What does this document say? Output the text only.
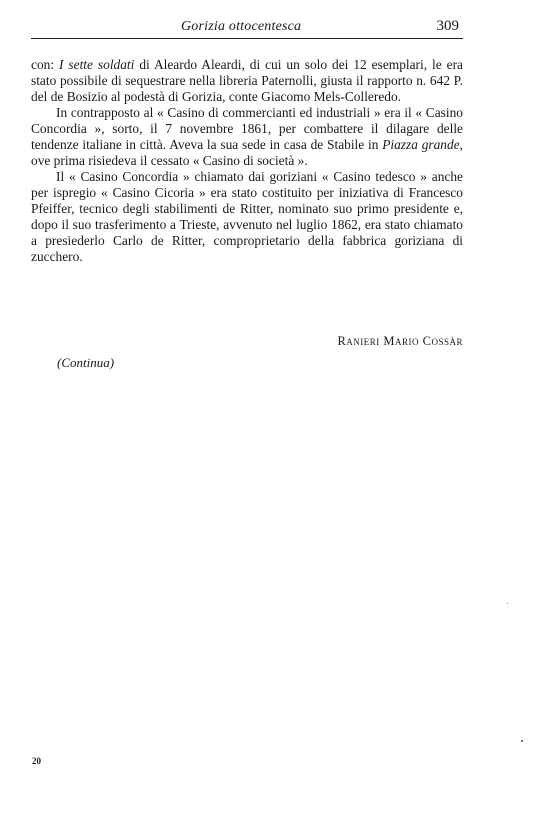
Gorizia ottocentesca	309

con: I sette soldati di Aleardo Aleardi, di cui un solo dei 12 esemplari, le era stato possibile di sequestrare nella libreria Paternolli, giusta il rapporto n. 642 P. del de Bosizio al podestà di Gorizia, conte Giacomo Mels-Colleredo.

In contrapposto al « Casino di commercianti ed industriali » era il « Casino Concordia », sorto, il 7 novembre 1861, per combattere il dilagare delle tendenze italiane in città. Aveva la sua sede in casa de Stabile in Piazza grande, ove prima risiedeva il cessato « Casino di società ».

Il « Casino Concordia » chiamato dai goriziani « Casino tedesco » anche per ispregio « Casino Cicoria » era stato costituito per iniziativa di Francesco Pfeiffer, tecnico degli stabilimenti de Ritter, nominato suo primo presidente e, dopo il suo trasferimento a Trieste, avvenuto nel luglio 1862, era stato chiamato a presiederlo Carlo de Ritter, comproprietario della fabbrica goriziana di zucchero.

Ranieri Mario Cossàr
(Continua)
20
